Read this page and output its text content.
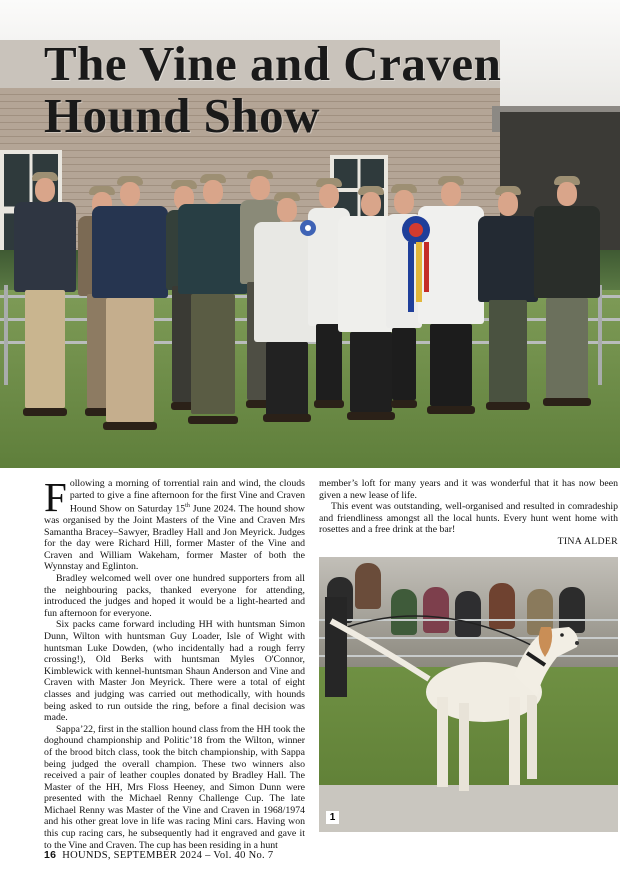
The Vine and Craven
Hound Show

Following a morning of torrential rain and wind, the clouds parted to give a fine afternoon for the first Vine and Craven Hound Show on Saturday 15th June 2024. The hound show was organised by the Joint Masters of the Vine and Craven Mrs Samantha Bracey–Sawyer, Bradley Hall and Jon Meyrick. Judges for the day were Richard Hill, former Master of the Vine and Craven and William Wakeham, former Master of both the Wynnstay and Eglinton.

Bradley welcomed well over one hundred supporters from all the neighbouring packs, thanked everyone for attending, introduced the judges and hoped it would be a light-hearted and fun afternoon for everyone.

Six packs came forward including HH with huntsman Simon Dunn, Wilton with huntsman Guy Loader, Isle of Wight with huntsman Luke Dowden, (who incidentally had a rough ferry crossing!), Old Berks with huntsman Myles O'Connor, Kimblewick with kennel-huntsman Shaun Anderson and Vine and Craven with Master Jon Meyrick. There were a total of eight classes and judging was carried out methodically, with hounds being asked to run outside the ring, before a final decision was made.

Sappa’22, first in the stallion hound class from the HH took the doghound championship and Politic’18 from the Wilton, winner of the brood bitch class, took the bitch championship, with Sappa being judged the overall champion. These two winners also received a pair of leather couples donated by Bradley Hall. The Master of the HH, Mrs Floss Heeney, and Simon Dunn were presented with the Michael Renny Challenge Cup. The late Michael Renny was Master of the Vine and Craven in 1968/1974 and his other great love in life was racing Mini cars. Having won this cup racing cars, he subsequently had it engraved and gave it to the Vine and Craven. The cup has been residing in a hunt

member’s loft for many years and it was wonderful that it has now been given a new lease of life.

This event was outstanding, well-organised and resulted in comradeship and friendliness amongst all the local hunts. Every hunt went home with rosettes and a free drink at the bar!

TINA ALDER

1
16 HOUNDS, SEPTEMBER 2024 – Vol. 40 No. 7
